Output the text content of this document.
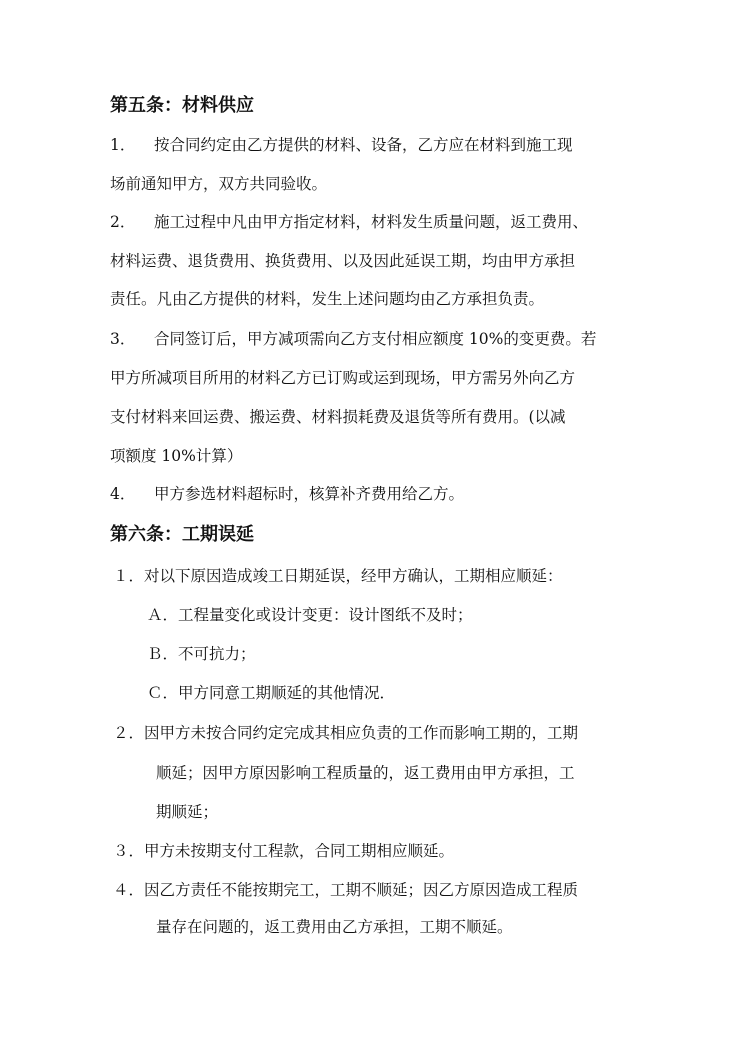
第五条：材料供应
1． 按合同约定由乙方提供的材料、设备，乙方应在材料到施工现
场前通知甲方，双方共同验收。
2． 施工过程中凡由甲方指定材料，材料发生质量问题，返工费用、
材料运费、退货费用、换货费用、以及因此延误工期，均由甲方承担
责任。凡由乙方提供的材料，发生上述问题均由乙方承担负责。
3． 合同签订后，甲方减项需向乙方支付相应额度 10%的变更费。若
甲方所减项目所用的材料乙方已订购或运到现场，甲方需另外向乙方
支付材料来回运费、搬运费、材料损耗费及退货等所有费用。(以减
项额度 10%计算）
4． 甲方参选材料超标时，核算补齐费用给乙方。
第六条：工期误延
１．对以下原因造成竣工日期延误，经甲方确认，工期相应顺延：
Ａ．工程量变化或设计变更：设计图纸不及时；
Ｂ．不可抗力；
Ｃ．甲方同意工期顺延的其他情况．
２．因甲方未按合同约定完成其相应负责的工作而影响工期的，工期
顺延；因甲方原因影响工程质量的，返工费用由甲方承担，工
期顺延；
３．甲方未按期支付工程款，合同工期相应顺延。
４．因乙方责任不能按期完工，工期不顺延；因乙方原因造成工程质
量存在问题的，返工费用由乙方承担，工期不顺延。
